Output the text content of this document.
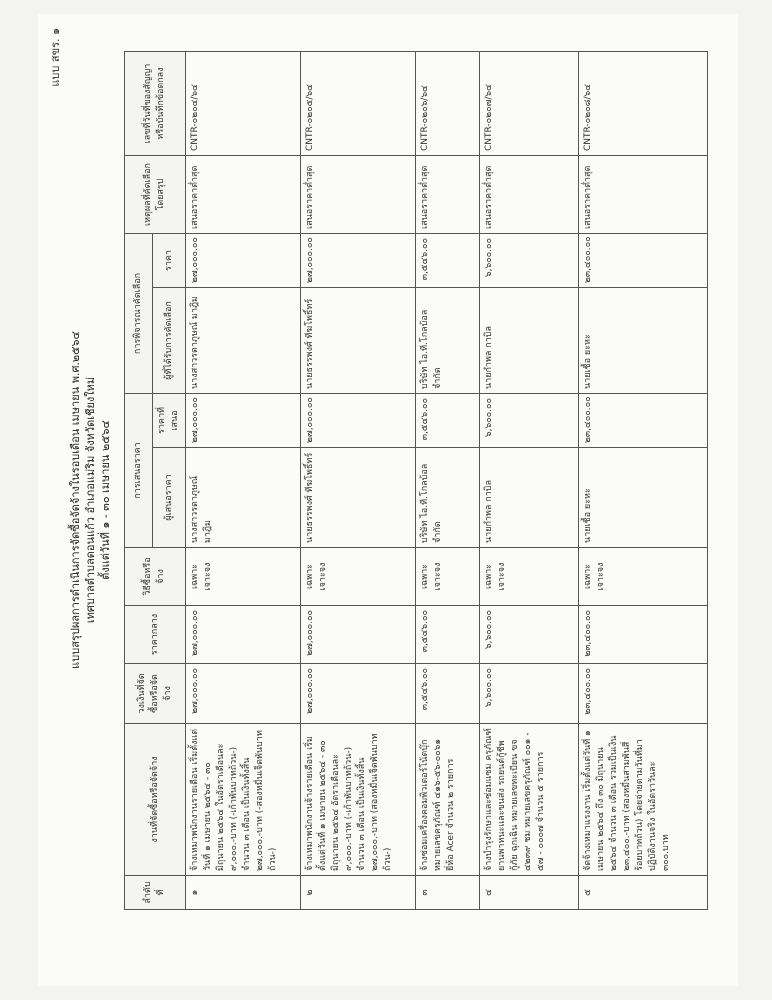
แบบ สขร. ๑
แบบสรุปผลการดำเนินการจัดซื้อจัดจ้างในรอบเดือน เมษายน พ.ศ.๒๕๖๔ เทศบาลตำบลดอนแก้ว อำเภอแม่ริม จังหวัดเชียงใหม่ ตั้งแต่วันที่ ๑ - ๓๐ เมษายน ๒๕๖๔
ลำดับที่	งานที่จัดซื้อหรือจัดจ้าง	วงเงินที่จัดซื้อหรือจัดจ้าง	ราคากลาง	วิธีซื้อหรือจ้าง	การเสนอราคา		การพิจารณาคัดเลือก		เหตุผลที่คัดเลือกโดยสรุป	เลขที่วันที่ของสัญญาหรือบันทึกข้อตกลง
					ผู้เสนอราคา	ราคาที่เสนอ	ผู้ที่ได้รับการคัดเลือก	ราคา		
๑	จ้างเหมาพนักงานรายเดือน เริ่มตั้งแต่วันที่ ๑ เมษายน ๒๕๖๔ - ๓๐ มิถุนายน ๒๕๖๔ ในอัตราเดือนละ ๙,๐๐๐.-บาท (-เก้าพันบาทถ้วน-) จำนวน ๓ เดือน เป็นเงินทั้งสิ้น ๒๗,๐๐๐.-บาท (-สองหมื่นเจ็ดพันบาทถ้วน-)	๒๗,๐๐๐.๐๐	๒๗,๐๐๐.๐๐	เฉพาะเจาะจง	นางสาวรดาภูษณ์ มาฎิม	๒๗,๐๐๐.๐๐	นางสาวรดาภูษณ์ มาฎิม	๒๗,๐๐๐.๐๐	เสนอราคาต่ำสุด	CNTR-๐๒๐๔/๖๔
๒	จ้างเหมาพนักงานจ้างรายเดือน เริ่มตั้งแต่วันที่ ๑ เมษายน ๒๕๖๔ - ๓๐ มิถุนายน ๒๕๖๔ อัตราเดือนละ ๙,๐๐๐.-บาท (-เก้าพันบาทถ้วน-) จำนวน ๓ เดือน เป็นเงินทั้งสิ้น ๒๗,๐๐๐.-บาท (สองหมื่นเจ็ดพันบาทถ้วน-)	๒๗,๐๐๐.๐๐	๒๗,๐๐๐.๐๐	เฉพาะเจาะจง	นายธรรพงศ์ ทีฆโพธิ์ทร์	๒๗,๐๐๐.๐๐	นายธรรพงศ์ ทีฆโพธิ์ทร์	๒๗,๐๐๐.๐๐	เสนอราคาต่ำสุด	CNTR-๐๒๐๕/๖๔
๓	จ้างซ่อมเครื่องคอมพิวเตอร์โน้ตบุ๊ก หมายเลขครุภัณฑ์ ๔๑๖-๕๖-๐๐๖๑ ยี่ห้อ Acer จำนวน ๒ รายการ	๓,๕๔๖.๐๐	๓,๕๔๖.๐๐	เฉพาะเจาะจง	บริษัท ไอ.ที.โกลบ้อล จำกัด	๓,๕๔๖.๐๐	บริษัท ไอ.ที.โกลบ้อล จำกัด	๓,๕๔๖.๐๐	เสนอราคาต่ำสุด	CNTR-๐๒๐๖/๖๔
๔	จ้างบำรุงรักษาและซ่อมแซม ครุภัณฑ์ยานพาหนะและขนส่ง รถยนต์กู้ชีพ กู้ภัย ฉุกเฉิน หมายเลขทะเบียน ขจ ๔๒๓๙ ชม หมายเลขครุภัณฑ์ ๐๐๑ - ๕๗ - ๐๐๐๗ จำนวน ๕ รายการ	๖,๖๐๐.๐๐	๖,๖๐๐.๐๐	เฉพาะเจาะจง	นายกำพล กาบิล	๖,๖๐๐.๐๐	นายกำพล กาบิล	๖,๖๐๐.๐๐	เสนอราคาต่ำสุด	CNTR-๐๒๐๗/๖๔
๕	จัดจ้างเหมาแรงงาน เริ่มตั้งแต่วันที่ ๑ เมษายน ๒๕๖๔ ถึง ๓๐ มิถุนายน ๒๕๖๔ จำนวน ๓ เดือน รวมเป็นเงิน ๒๓,๔๐๐.-บาท (สองหมื่นสามพันสี่ร้อยบาทถ้วน) โดยจ่ายตามวันที่มาปฏิบัติงานจริง ในอัตราวันละ ๓๐๐.บาท	๒๓,๔๐๐.๐๐	๒๓,๔๐๐.๐๐	เฉพาะเจาะจง	นายเชื้อ ยะหะ	๒๓,๔๐๐.๐๐	นายเชื้อ ยะหะ	๒๓,๔๐๐.๐๐	เสนอราคาต่ำสุด	CNTR-๐๒๐๘/๖๔
